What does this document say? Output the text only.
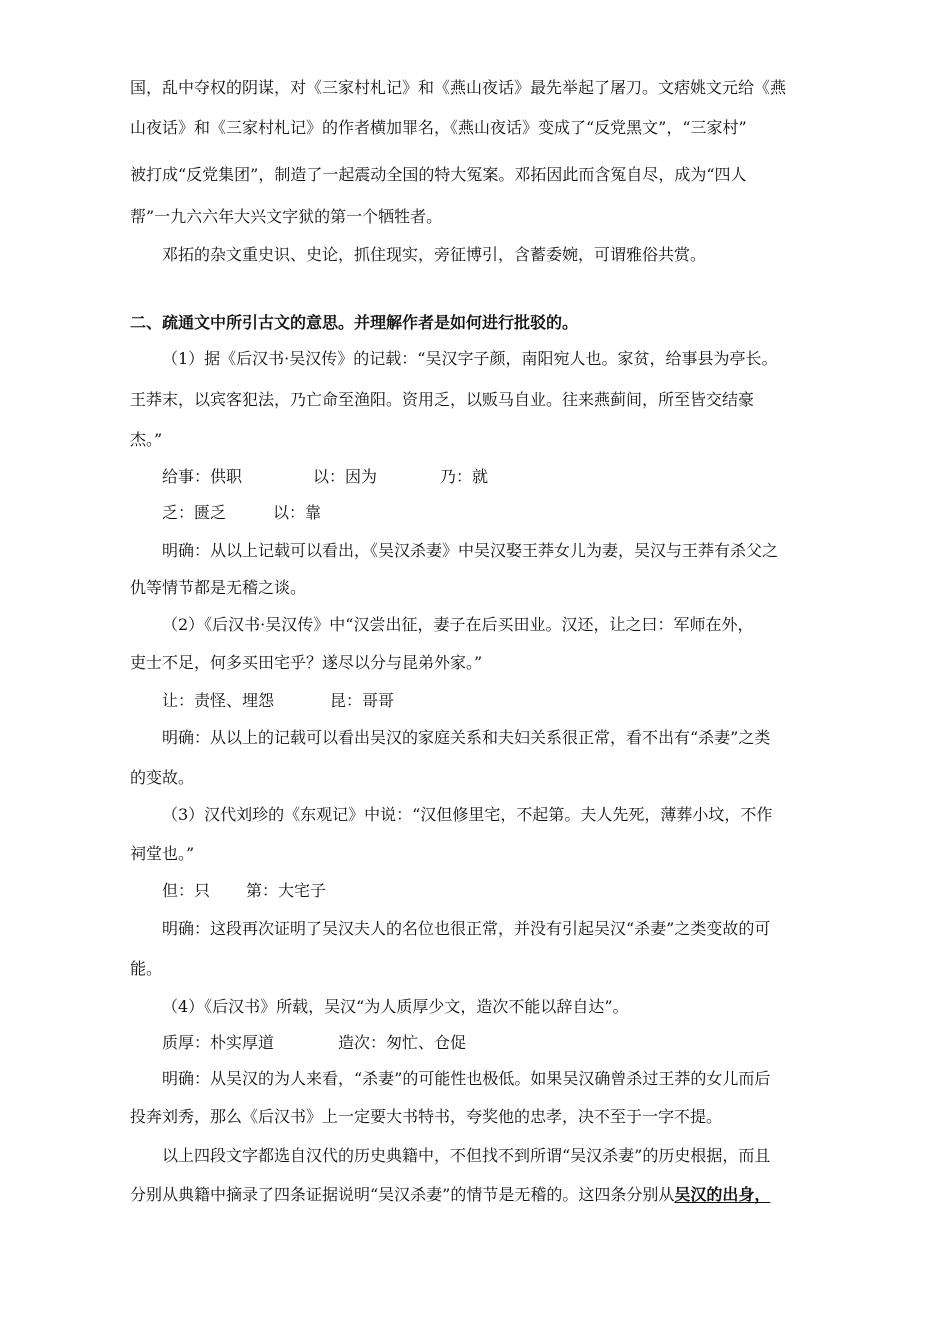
国，乱中夺权的阴谋，对《三家村札记》和《燕山夜话》最先举起了屠刀。文痞姚文元给《燕
山夜话》和《三家村札记》的作者横加罪名，《燕山夜话》变成了“反党黑文”，“三家村”
被打成“反党集团”，制造了一起震动全国的特大冤案。邓拓因此而含冤自尽，成为“四人
帮”一九六六年大兴文字狱的第一个牺牲者。
邓拓的杂文重史识、史论，抓住现实，旁征博引，含蓄委婉，可谓雅俗共赏。
二、疏通文中所引古文的意思。并理解作者是如何进行批驳的。
（1）据《后汉书·吴汉传》的记载：“吴汉字子颜，南阳宛人也。家贫，给事县为亭长。
王莽末，以宾客犯法，乃亡命至渔阳。资用乏，以贩马自业。往来燕蓟间，所至皆交结豪
杰。”
给事：供职	以：因为	乃：就
乏：匮乏	以：靠
明确：从以上记载可以看出，《吴汉杀妻》中吴汉娶王莽女儿为妻，吴汉与王莽有杀父之
仇等情节都是无稽之谈。
（2）《后汉书·吴汉传》中“汉尝出征，妻子在后买田业。汉还，让之曰：军师在外，
吏士不足，何多买田宅乎？遂尽以分与昆弟外家。”
让：责怪、埋怨	昆：哥哥
明确：从以上的记载可以看出吴汉的家庭关系和夫妇关系很正常，看不出有“杀妻”之类
的变故。
（3）汉代刘珍的《东观记》中说：“汉但修里宅，不起第。夫人先死，薄葬小坟，不作
祠堂也。”
但：只 第：大宅子
明确：这段再次证明了吴汉夫人的名位也很正常，并没有引起吴汉“杀妻”之类变故的可
能。
（4）《后汉书》所载，吴汉“为人质厚少文，造次不能以辞自达”。
质厚：朴实厚道	造次：匆忙、仓促
明确：从吴汉的为人来看，“杀妻”的可能性也极低。如果吴汉确曾杀过王莽的女儿而后
投奔刘秀，那么《后汉书》上一定要大书特书，夸奖他的忠孝，决不至于一字不提。
以上四段文字都选自汉代的历史典籍中，不但找不到所谓“吴汉杀妻”的历史根据，而且
分别从典籍中摘录了四条证据说明“吴汉杀妻”的情节是无稽的。这四条分别从吴汉的出身，
